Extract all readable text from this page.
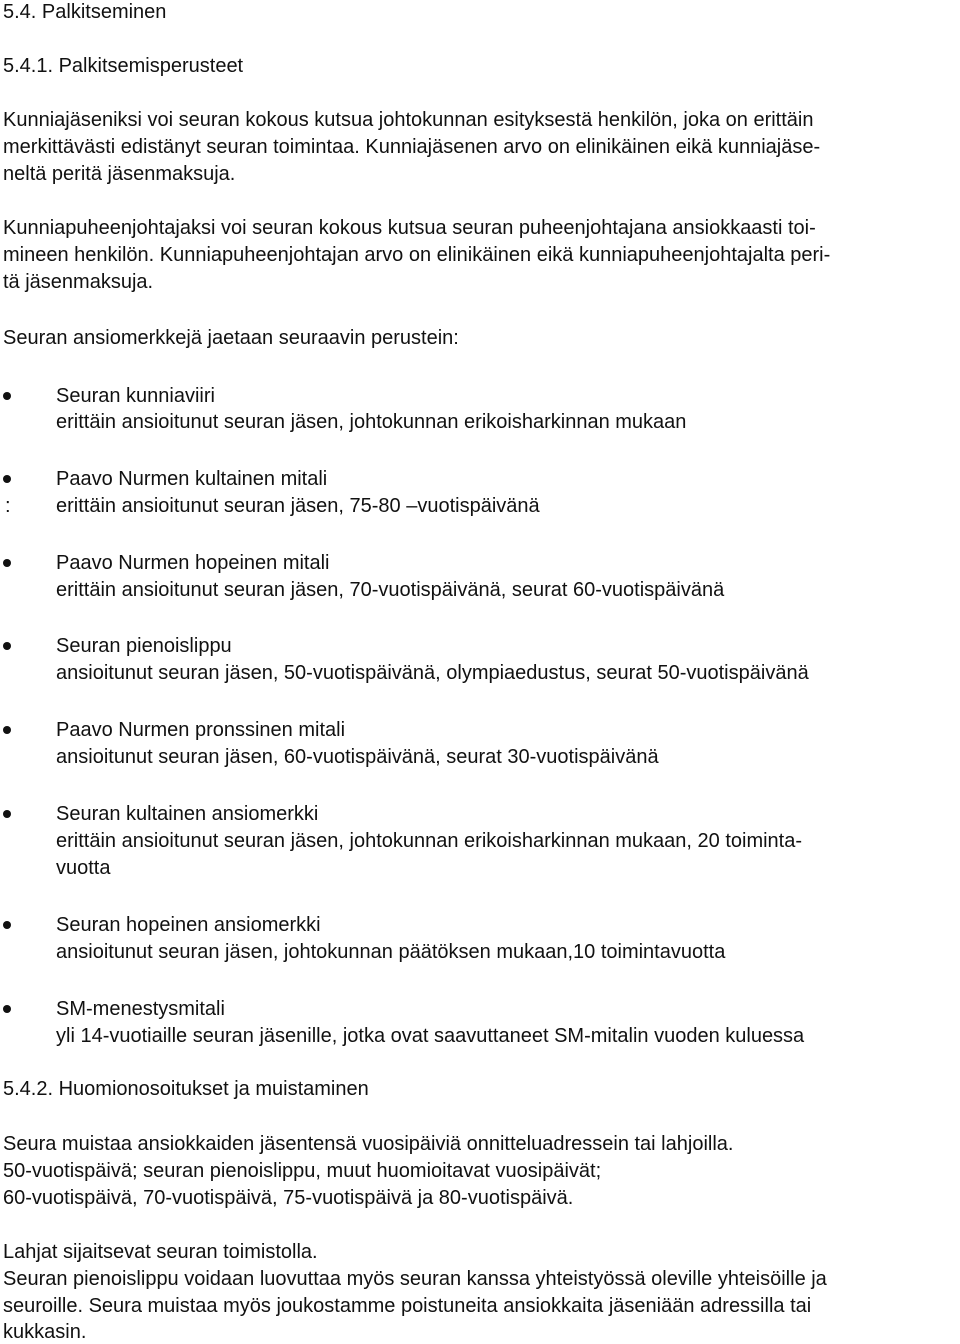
5.4. Palkitseminen
5.4.1. Palkitsemisperusteet
Kunniajäseniksi voi seuran kokous kutsua johtokunnan esityksestä henkilön, joka on erittäin
merkittävästi edistänyt seuran toimintaa. Kunniajäsenen arvo on elinikäinen eikä kunniajäse-
neltä peritä jäsenmaksuja.
Kunniapuheenjohtajaksi voi seuran kokous kutsua seuran puheenjohtajana ansiokkaasti toi-
mineen henkilön. Kunniapuheenjohtajan arvo on elinikäinen eikä kunniapuheenjohtajalta peri-
tä jäsenmaksuja.
Seuran ansiomerkkejä jaetaan seuraavin perustein:
Seuran kunniaviiri
erittäin ansioitunut seuran jäsen, johtokunnan erikoisharkinnan mukaan
Paavo Nurmen kultainen mitali
: erittäin ansioitunut seuran jäsen, 75-80 –vuotispäivänä
Paavo Nurmen hopeinen mitali
erittäin ansioitunut seuran jäsen, 70-vuotispäivänä, seurat 60-vuotispäivänä
Seuran pienoislippu
ansioitunut seuran jäsen, 50-vuotispäivänä, olympiaedustus, seurat 50-vuotispäivänä
Paavo Nurmen pronssinen mitali
ansioitunut seuran jäsen, 60-vuotispäivänä, seurat 30-vuotispäivänä
Seuran kultainen ansiomerkki
erittäin ansioitunut seuran jäsen, johtokunnan erikoisharkinnan mukaan, 20 toiminta-
vuotta
Seuran hopeinen ansiomerkki
ansioitunut seuran jäsen, johtokunnan päätöksen mukaan,10 toimintavuotta
SM-menestysmitali
yli 14-vuotiaille seuran jäsenille, jotka ovat saavuttaneet SM-mitalin vuoden kuluessa
5.4.2. Huomionosoitukset ja muistaminen
Seura muistaa ansiokkaiden jäsentensä vuosipäiviä onnitteluadressein tai lahjoilla.
50-vuotispäivä; seuran pienoislippu, muut huomioitavat vuosipäivät;
60-vuotispäivä, 70-vuotispäivä, 75-vuotispäivä ja 80-vuotispäivä.
Lahjat sijaitsevat seuran toimistolla.
Seuran pienoislippu voidaan luovuttaa myös seuran kanssa yhteistyössä oleville yhteisöille ja
seuroille. Seura muistaa myös joukostamme poistuneita ansiokkaita jäseniään adressilla tai
kukkasin.
